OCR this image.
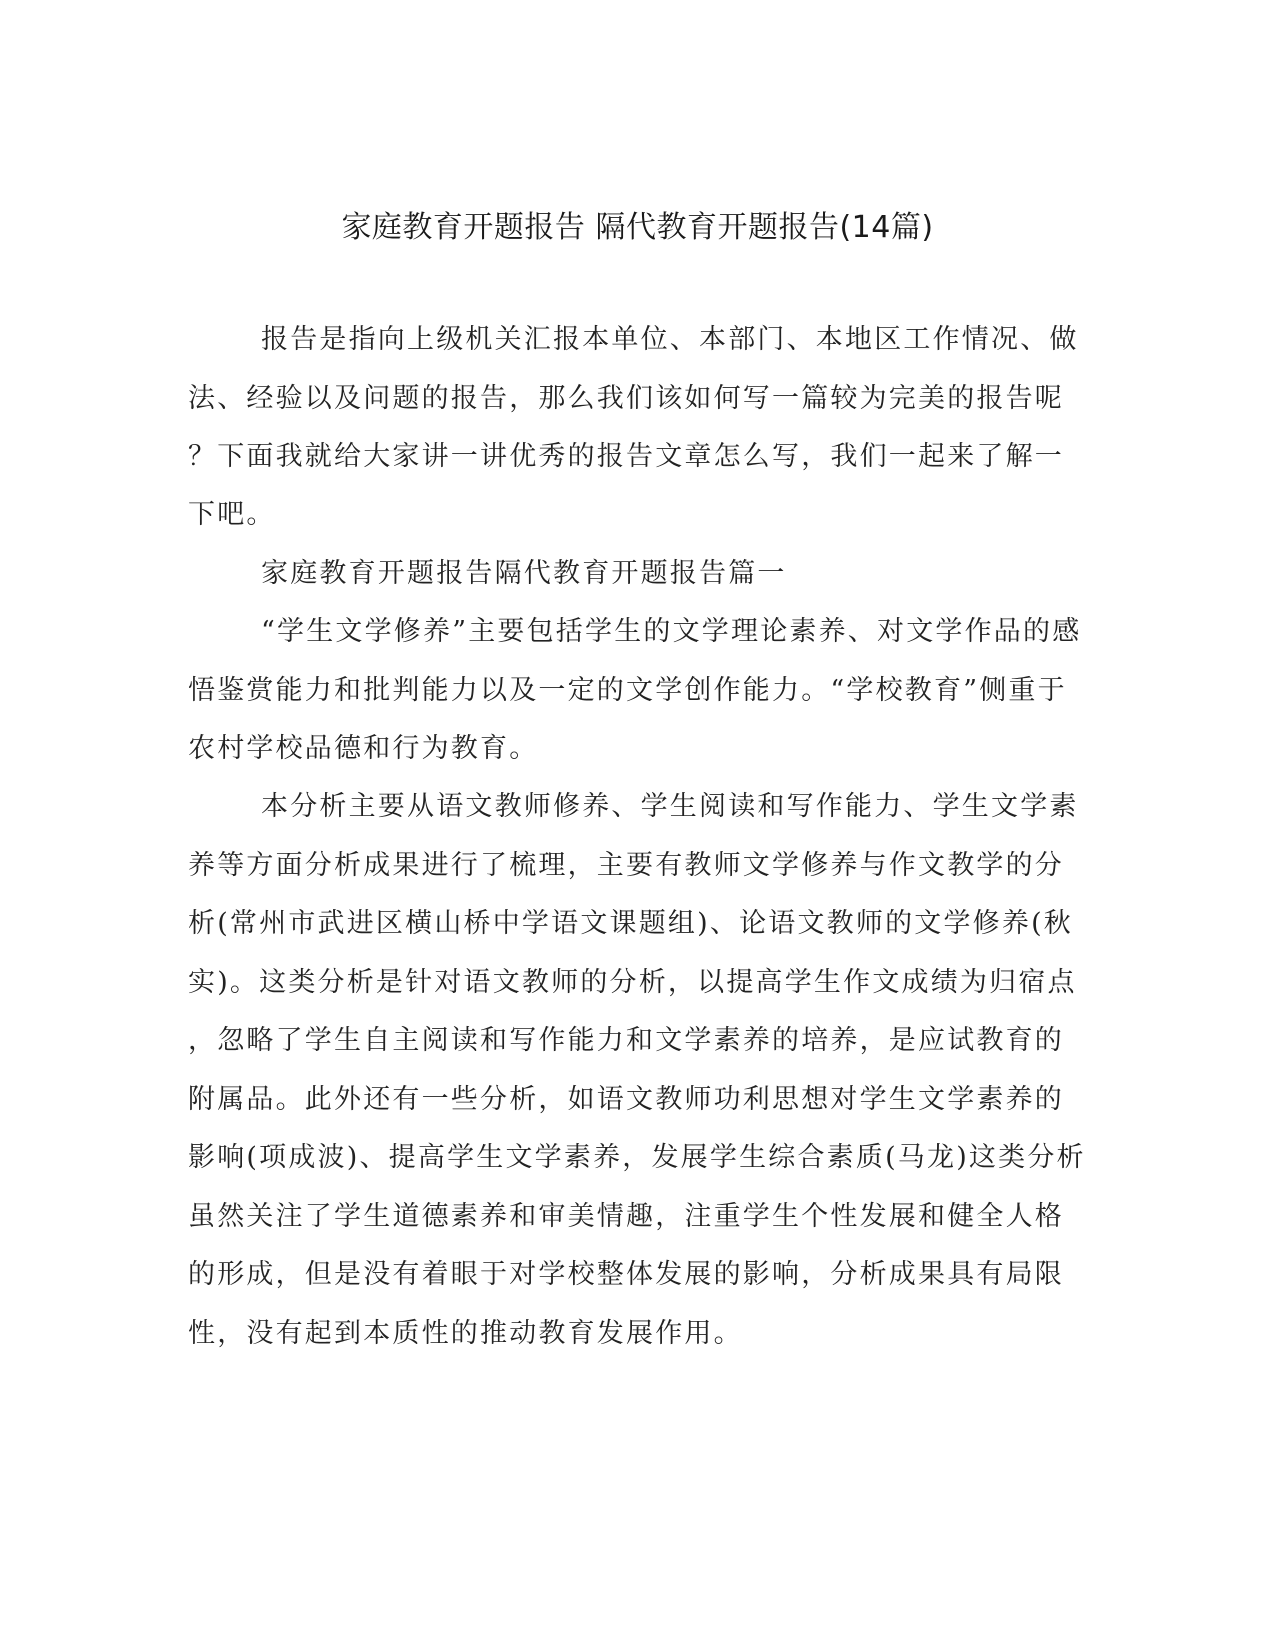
家庭教育开题报告 隔代教育开题报告(14篇)
报告是指向上级机关汇报本单位、本部门、本地区工作情况、做
法、经验以及问题的报告，那么我们该如何写一篇较为完美的报告呢
？下面我就给大家讲一讲优秀的报告文章怎么写，我们一起来了解一
下吧。
家庭教育开题报告隔代教育开题报告篇一
“学生文学修养”主要包括学生的文学理论素养、对文学作品的感
悟鉴赏能力和批判能力以及一定的文学创作能力。“学校教育”侧重于
农村学校品德和行为教育。
本分析主要从语文教师修养、学生阅读和写作能力、学生文学素
养等方面分析成果进行了梳理，主要有教师文学修养与作文教学的分
析(常州市武进区横山桥中学语文课题组)、论语文教师的文学修养(秋
实)。这类分析是针对语文教师的分析，以提高学生作文成绩为归宿点
，忽略了学生自主阅读和写作能力和文学素养的培养，是应试教育的
附属品。此外还有一些分析，如语文教师功利思想对学生文学素养的
影响(项成波)、提高学生文学素养，发展学生综合素质(马龙)这类分析
虽然关注了学生道德素养和审美情趣，注重学生个性发展和健全人格
的形成，但是没有着眼于对学校整体发展的影响，分析成果具有局限
性，没有起到本质性的推动教育发展作用。
